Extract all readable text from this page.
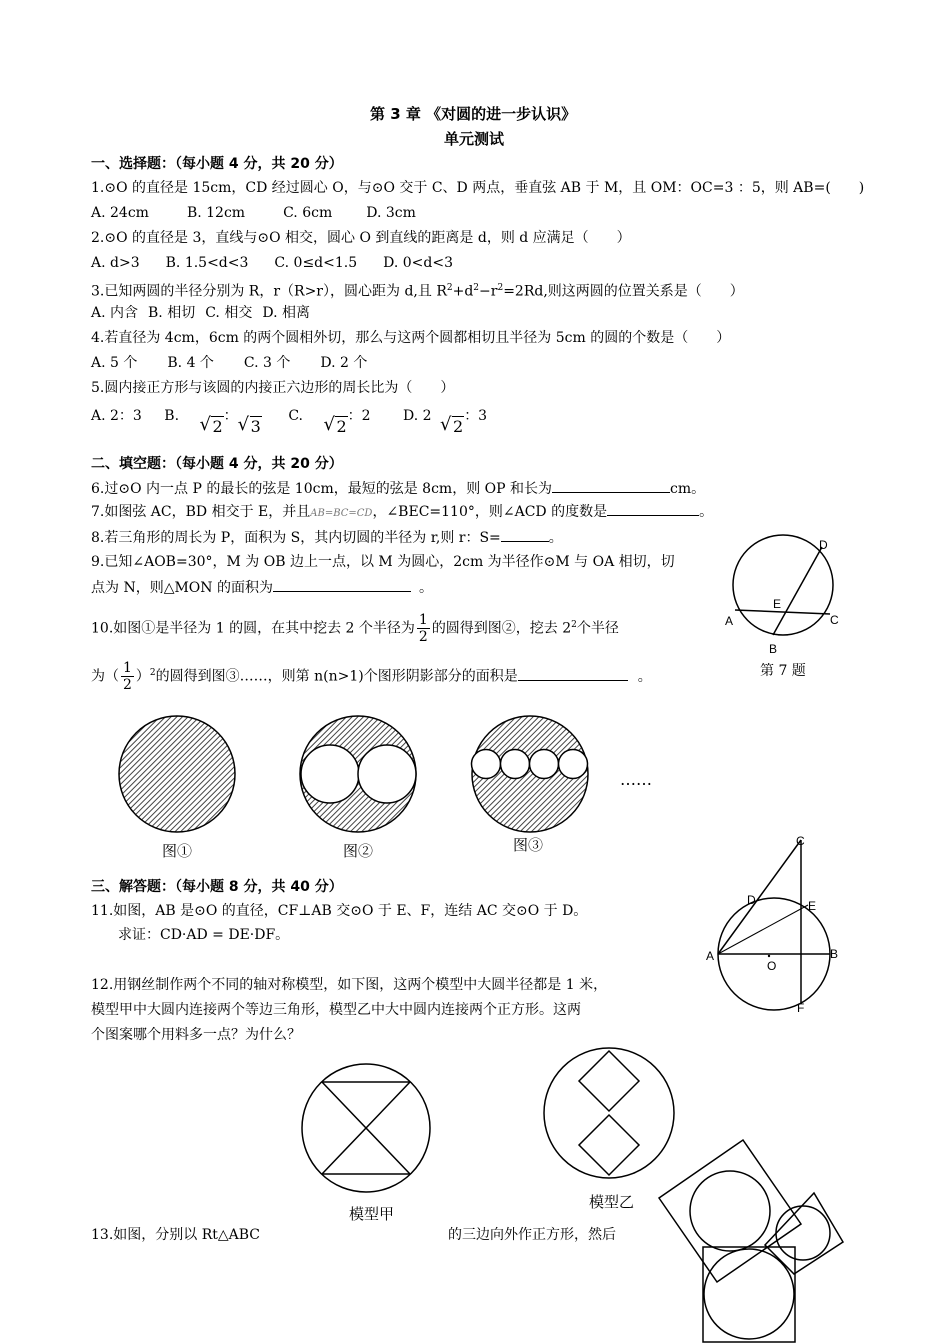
第 3 章 《对圆的进一步认识》
单元测试
一、选择题：（每小题 4 分，共 20 分）
1.⊙O 的直径是 15cm，CD 经过圆心 O，与⊙O 交于 C、D 两点，垂直弦 AB 于 M，且 OM：OC=3 ：5，则 AB=(　　)
A. 24cm	B. 12cm	C. 6cm D. 3cm
2.⊙O 的直径是 3，直线与⊙O 相交，圆心 O 到直线的距离是 d，则 d 应满足（　　）
A. d>3 B. 1.5<d<3 C. 0≤d<1.5 D. 0<d<3
3.已知两圆的半径分别为 R，r（R>r），圆心距为 d,且 $R^2+d^2-r^2=2Rd$,则这两圆的位置关系是（　　）
A. 内含 B. 相切 C. 相交 D. 相离
4.若直径为 4cm，6cm 的两个圆相外切，那么与这两个圆都相切且半径为 5cm 的圆的个数是（　　）
A. 5 个 B. 4 个 C. 3 个 D. 2 个
5.圆内接正方形与该圆的内接正六边形的周长比为（　　）
A. 2：3 B. √ 2：√ 3 C. √ 2：2 D. 2 √ 2：3
二、填空题：（每小题 4 分，共 20 分）
6.过⊙O 内一点 P 的最长的弦是 10cm，最短的弦是 8cm，则 OP 和长为	cm。
7.如图弦 AC，BD 相交于 E，并且AB=BC=CD，∠BEC=110°，则∠ACD 的度数是	。
8.若三角形的周长为 P，面积为 S，其内切圆的半径为 r,则 r：S=	。
9.已知∠AOB=30°，M 为 OB 边上一点，以 M 为圆心，2cm 为半径作⊙M 与 OA 相切，切
点为 N，则△MON 的面积为	。
10.如图①是半径为 1 的圆，在其中挖去 2 个半径为 $\frac{1}{2}$ 的圆得到图②，挖去 $2^2$个半径
为（ $\frac{1}{2} )^2$的圆得到图③……，则第 n(n>1)个图形阴影部分的面积是	。
D
E
A	C
B
第 7 题
……
图①	图②	图③
三、解答题：（每小题 8 分，共 40 分）
11.如图，AB 是⊙O 的直径，CF⊥AB 交⊙O 于 E、F，连结 AC 交⊙O 于 D。
求证：CD·AD = DE·DF。
C
D	E
A	B
O
F
12.用钢丝制作两个不同的轴对称模型，如下图，这两个模型中大圆半径都是 1 米，
模型甲中大圆内连接两个等边三角形，模型乙中大中圆内连接两个正方形。这两
个图案哪个用料多一点？为什么？
模型甲
模型乙
13.如图，分别以 Rt△ABC	的三边向外作正方形，然后
